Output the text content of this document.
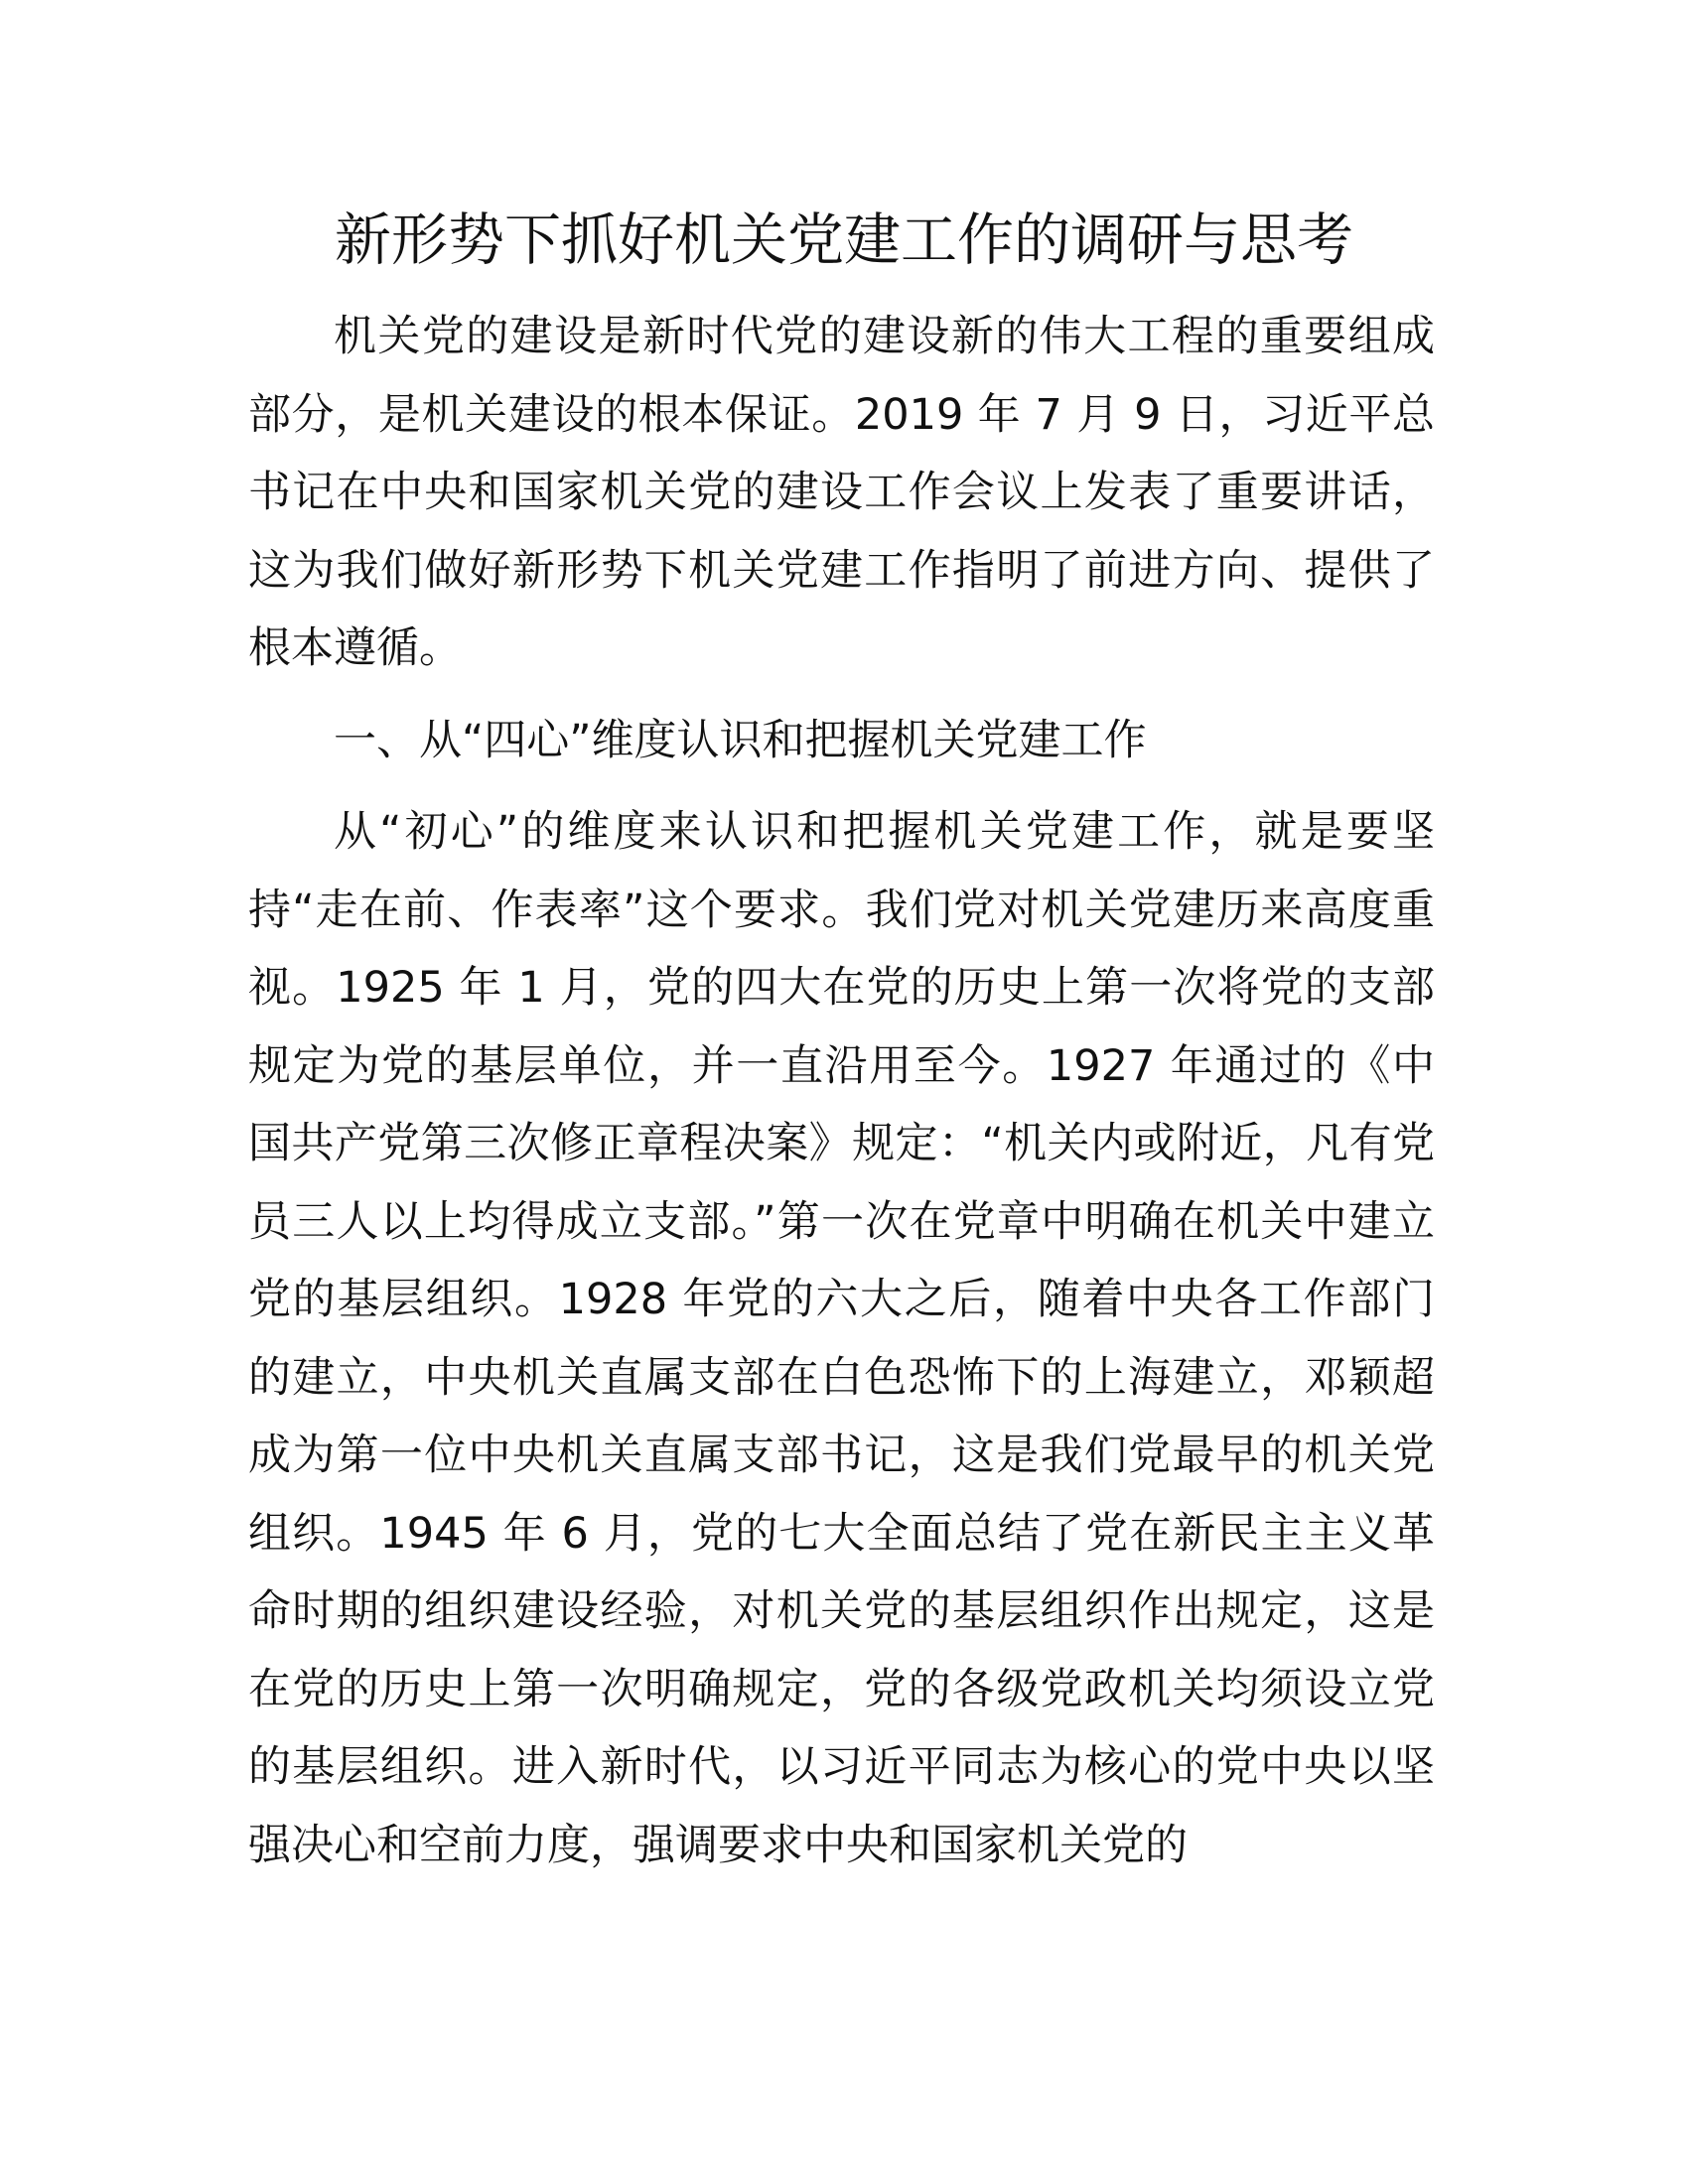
新形势下抓好机关党建工作的调研与思考

机关党的建设是新时代党的建设新的伟大工程的重要组成部分，是机关建设的根本保证。2019 年 7 月 9 日，习近平总书记在中央和国家机关党的建设工作会议上发表了重要讲话，这为我们做好新形势下机关党建工作指明了前进方向、提供了根本遵循。

一、从“四心”维度认识和把握机关党建工作

从“初心”的维度来认识和把握机关党建工作，就是要坚持“走在前、作表率”这个要求。我们党对机关党建历来高度重视。1925 年 1 月，党的四大在党的历史上第一次将党的支部规定为党的基层单位，并一直沿用至今。1927 年通过的《中国共产党第三次修正章程决案》规定：“机关内或附近，凡有党员三人以上均得成立支部。”第一次在党章中明确在机关中建立党的基层组织。1928 年党的六大之后，随着中央各工作部门的建立，中央机关直属支部在白色恐怖下的上海建立，邓颖超成为第一位中央机关直属支部书记，这是我们党最早的机关党组织。1945 年 6 月，党的七大全面总结了党在新民主主义革命时期的组织建设经验，对机关党的基层组织作出规定，这是在党的历史上第一次明确规定，党的各级党政机关均须设立党的基层组织。进入新时代，以习近平同志为核心的党中央以坚强决心和空前力度，强调要求中央和国家机关党的
